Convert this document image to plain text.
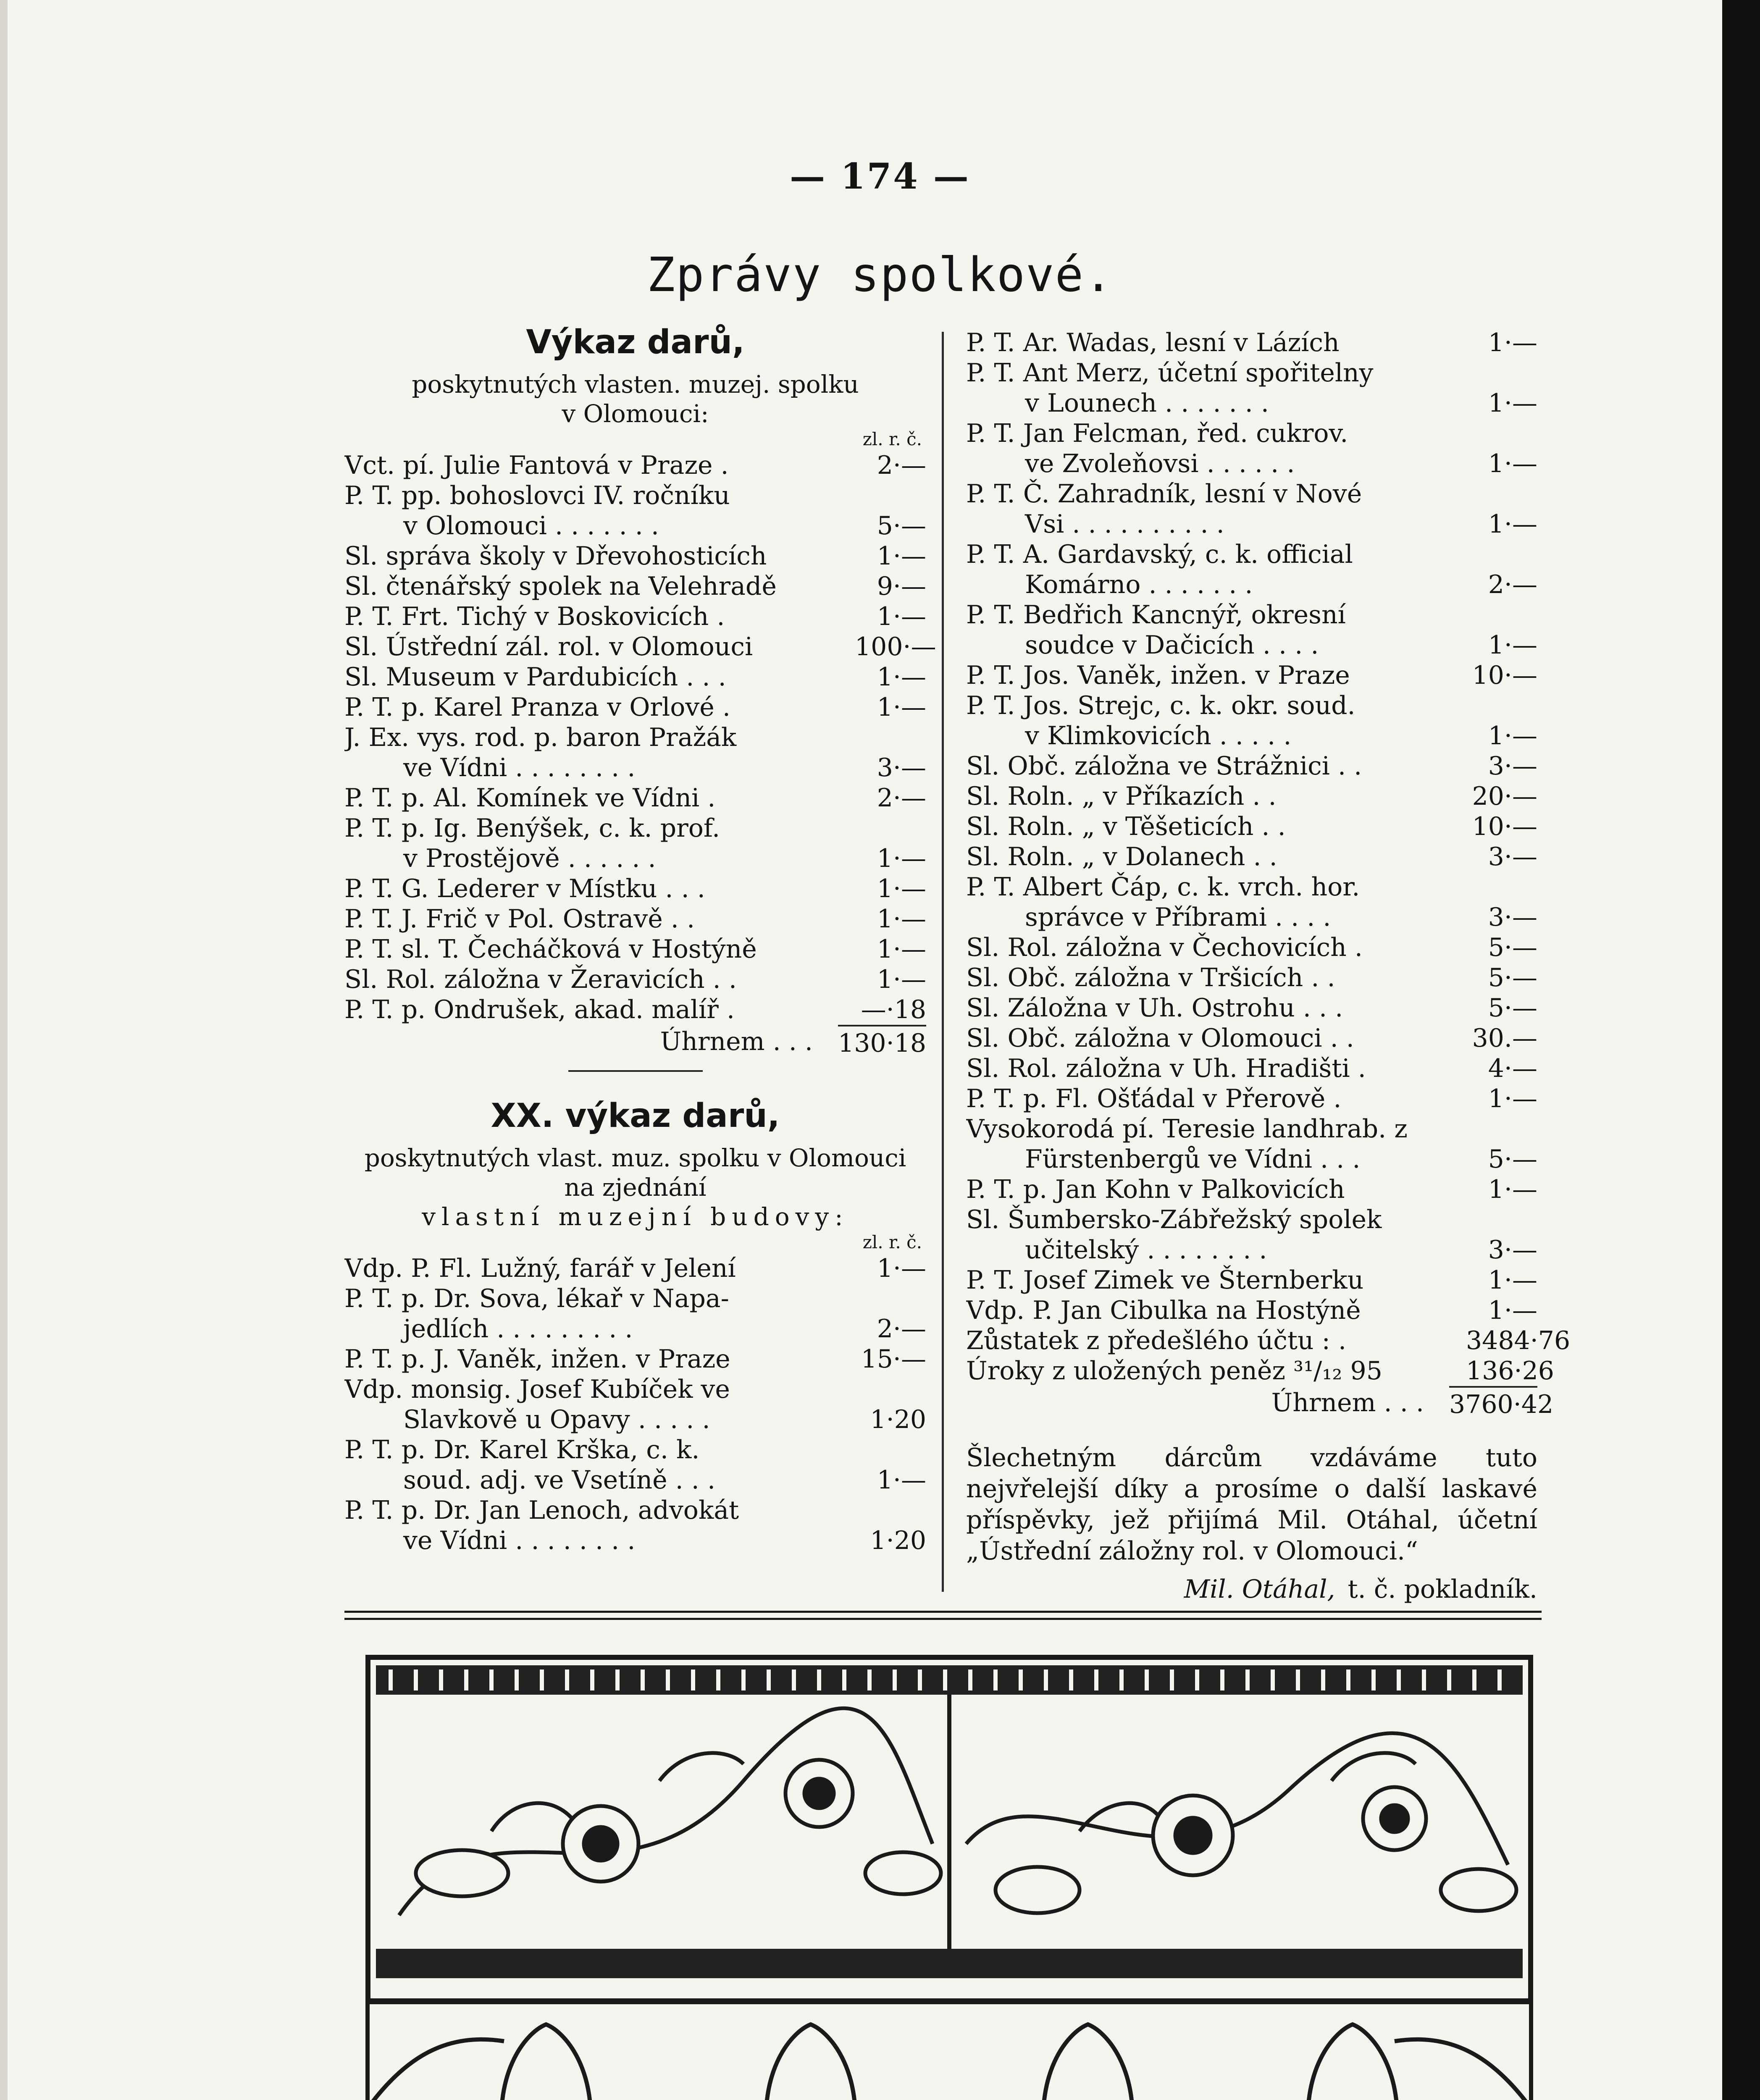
— 174 —
Zprávy spolkové.
Výkaz darů,
poskytnutých vlasten. muzej. spolku
v Olomouci:
zl. r. č.
Vct. pí. Julie Fantová v Praze .	2·—
P. T. pp. bohoslovci IV. ročníku
v Olomouci . . . . . . .	5·—
Sl. správa školy v Dřevohosticích	1·—
Sl. čtenářský spolek na Velehradě	9·—
P. T. Frt. Tichý v Boskovicích .	1·—
Sl. Ústřední zál. rol. v Olomouci	100·—
Sl. Museum v Pardubicích . . .	1·—
P. T. p. Karel Pranza v Orlové .	1·—
J. Ex. vys. rod. p. baron Pražák
ve Vídni . . . . . . . .	3·—
P. T. p. Al. Komínek ve Vídni .	2·—
P. T. p. Ig. Benýšek, c. k. prof.
v Prostějově . . . . . .	1·—
P. T. G. Lederer v Místku . . .	1·—
P. T. J. Frič v Pol. Ostravě . .	1·—
P. T. sl. T. Čecháčková v Hostýně	1·—
Sl. Rol. záložna v Žeravicích . .	1·—
P. T. p. Ondrušek, akad. malíř .	—·18
Úhrnem . . . 130·18
XX. výkaz darů,
poskytnutých vlast. muz. spolku v Olomouci
na zjednání
vlastní muzejní budovy:
zl. r. č.
Vdp. P. Fl. Lužný, farář v Jelení	1·—
P. T. p. Dr. Sova, lékař v Napa-
jedlích . . . . . . . . .	2·—
P. T. p. J. Vaněk, inžen. v Praze	15·—
Vdp. monsig. Josef Kubíček ve
Slavkově u Opavy . . . . .	1·20
P. T. p. Dr. Karel Krška, c. k.
soud. adj. ve Vsetíně . . .	1·—
P. T. p. Dr. Jan Lenoch, advokát
ve Vídni . . . . . . . .	1·20
P. T. Ar. Wadas, lesní v Lázích	1·—
P. T. Ant Merz, účetní spořitelny
v Lounech . . . . . . .	1·—
P. T. Jan Felcman, řed. cukrov.
ve Zvoleňovsi . . . . . .	1·—
P. T. Č. Zahradník, lesní v Nové
Vsi . . . . . . . . . .	1·—
P. T. A. Gardavský, c. k. official
Komárno . . . . . . .	2·—
P. T. Bedřich Kancnýř, okresní
soudce v Dačicích . . . .	1·—
P. T. Jos. Vaněk, inžen. v Praze	10·—
P. T. Jos. Strejc, c. k. okr. soud.
v Klimkovicích . . . . .	1·—
Sl. Obč. záložna ve Strážnici . .	3·—
Sl. Roln. „ v Příkazích . .	20·—
Sl. Roln. „ v Těšeticích . .	10·—
Sl. Roln. „ v Dolanech . .	3·—
P. T. Albert Čáp, c. k. vrch. hor.
správce v Příbrami . . . .	3·—
Sl. Rol. záložna v Čechovicích .	5·—
Sl. Obč. záložna v Tršicích . .	5·—
Sl. Záložna v Uh. Ostrohu . . .	5·—
Sl. Obč. záložna v Olomouci . .	30.—
Sl. Rol. záložna v Uh. Hradišti .	4·—
P. T. p. Fl. Ošťádal v Přerově .	1·—
Vysokorodá pí. Teresie landhrab. z
Fürstenbergů ve Vídni . . .	5·—
P. T. p. Jan Kohn v Palkovicích	1·—
Sl. Šumbersko-Zábřežský spolek
učitelský . . . . . . . .	3·—
P. T. Josef Zimek ve Šternberku	1·—
Vdp. P. Jan Cibulka na Hostýně	1·—
Zůstatek z předešlého účtu : .	3484·76
Úroky z uložených peněz ³¹/₁₂ 95	136·26
Úhrnem . . . 3760·42
Šlechetným dárcům vzdáváme tuto nejvřelejší díky a prosíme o další laskavé příspěvky, jež přijímá Mil. Otáhal, účetní „Ústřední záložny rol. v Olomouci.“
Mil. Otáhal, t. č. pokladník.
